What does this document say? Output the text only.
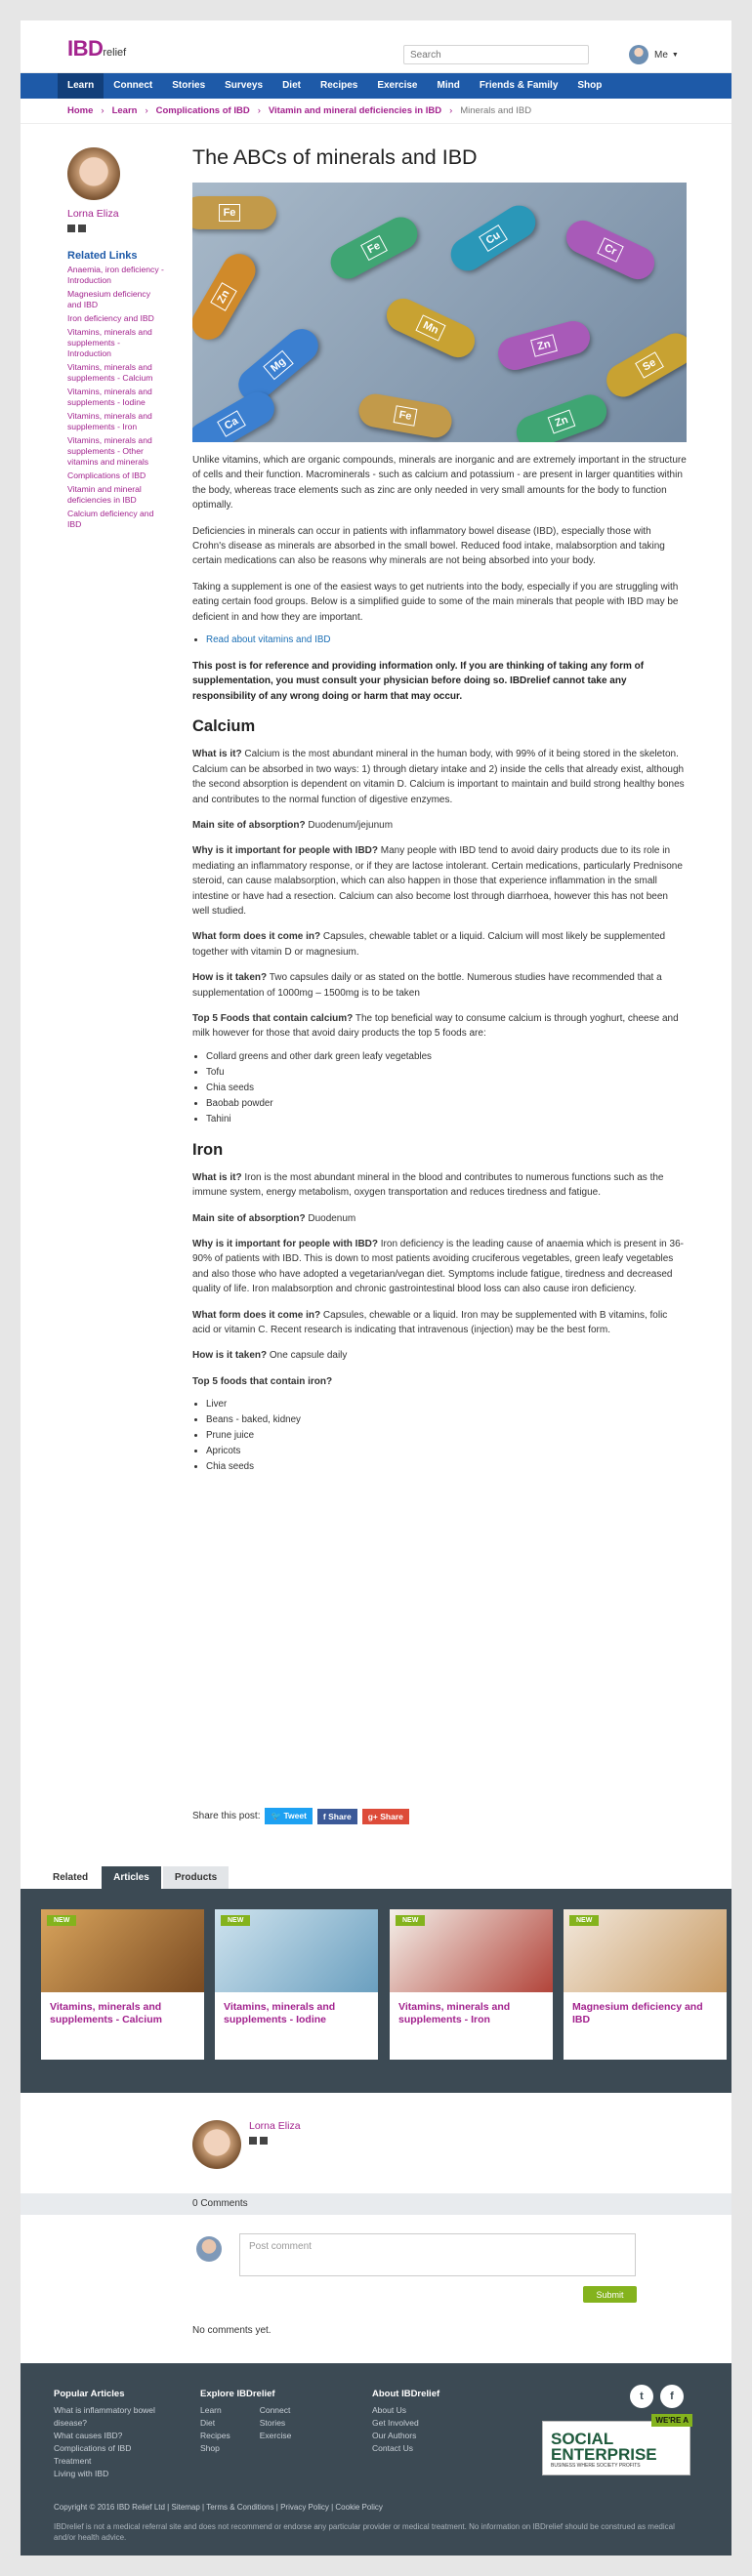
IBDrelief
Search	Me ▼
Learn	Connect	Stories	Surveys	Diet	Recipes	Exercise	Mind	Friends & Family	Shop
Home › Learn › Complications of IBD › Vitamin and mineral deficiencies in IBD › Minerals and IBD
Lorna Eliza
Related Links
Anaemia, iron deficiency - Introduction
Magnesium deficiency and IBD
Iron deficiency and IBD
Vitamins, minerals and supplements - Introduction
Vitamins, minerals and supplements - Calcium
Vitamins, minerals and supplements - Iodine
Vitamins, minerals and supplements - Iron
Vitamins, minerals and supplements - Other vitamins and minerals
Complications of IBD
Vitamin and mineral deficiencies in IBD
Calcium deficiency and IBD
The ABCs of minerals and IBD
Fe
Fe
Cu
Cr
Zn
Mn
Mg
Zn
Se
Ca	Fe	Zn

Unlike vitamins, which are organic compounds, minerals are inorganic and are extremely important in the structure of cells and their function. Macrominerals - such as calcium and potassium - are present in larger quantities within the body, whereas trace elements such as zinc are only needed in very small amounts for the body to function optimally.

Deficiencies in minerals can occur in patients with inflammatory bowel disease (IBD), especially those with Crohn's disease as minerals are absorbed in the small bowel. Reduced food intake, malabsorption and taking certain medications can also be reasons why minerals are not being absorbed into your body.

Taking a supplement is one of the easiest ways to get nutrients into the body, especially if you are struggling with eating certain food groups. Below is a simplified guide to some of the main minerals that people with IBD may be deficient in and how they are important.

• Read about vitamins and IBD

This post is for reference and providing information only. If you are thinking of taking any form of supplementation, you must consult your physician before doing so. IBDrelief cannot take any responsibility of any wrong doing or harm that may occur.

Calcium

What is it? Calcium is the most abundant mineral in the human body, with 99% of it being stored in the skeleton. Calcium can be absorbed in two ways: 1) through dietary intake and 2) inside the cells that already exist, although the second absorption is dependent on vitamin D. Calcium is important to maintain and build strong healthy bones and contributes to the normal function of digestive enzymes.

Main site of absorption? Duodenum/jejunum

Why is it important for people with IBD? Many people with IBD tend to avoid dairy products due to its role in mediating an inflammatory response, or if they are lactose intolerant. Certain medications, particularly Prednisone steroid, can cause malabsorption, which can also happen in those that experience inflammation in the small intestine or have had a resection. Calcium can also become lost through diarrhoea, however this has not been well studied.

What form does it come in? Capsules, chewable tablet or a liquid. Calcium will most likely be supplemented together with vitamin D or magnesium.

How is it taken? Two capsules daily or as stated on the bottle. Numerous studies have recommended that a supplementation of 1000mg – 1500mg is to be taken

Top 5 Foods that contain calcium? The top beneficial way to consume calcium is through yoghurt, cheese and milk however for those that avoid dairy products the top 5 foods are:

• Collard greens and other dark green leafy vegetables
• Tofu
• Chia seeds
• Baobab powder
• Tahini
Iron

What is it? Iron is the most abundant mineral in the blood and contributes to numerous functions such as the immune system, energy metabolism, oxygen transportation and reduces tiredness and fatigue.

Main site of absorption? Duodenum

Why is it important for people with IBD? Iron deficiency is the leading cause of anaemia which is present in 36-90% of patients with IBD. This is down to most patients avoiding cruciferous vegetables, green leafy vegetables and also those who have adopted a vegetarian/vegan diet. Symptoms include fatigue, tiredness and decreased quality of life. Iron malabsorption and chronic gastrointestinal blood loss can also cause iron deficiency.

What form does it come in? Capsules, chewable or a liquid. Iron may be supplemented with B vitamins, folic acid or vitamin C. Recent research is indicating that intravenous (injection) may be the best form.

How is it taken? One capsule daily

Top 5 foods that contain iron?

• Liver
• Beans - baked, kidney
• Prune juice
• Apricots
• Chia seeds
Share this post:	🐦 Tweet	f Share	g+ Share
Related	Articles	Products
NEW
Vitamins, minerals and supplements - Calcium
NEW
Vitamins, minerals and supplements - Iodine
NEW
Vitamins, minerals and supplements - Iron
NEW
Magnesium deficiency and IBD
Lorna Eliza
0 Comments
Post comment
Submit
No comments yet.
Popular Articles
What is inflammatory bowel disease?
What causes IBD?
Complications of IBD
Treatment
Living with IBD
Explore IBDrelief
Learn
Diet
Recipes
Shop
Connect
Stories
Exercise
About IBDrelief
About Us
Get Involved
Our Authors
Contact Us
t	f
WE'RE A
SOCIAL ENTERPRISE
BUSINESS WHERE SOCIETY PROFITS
Copyright © 2016 IBD Relief Ltd | Sitemap | Terms & Conditions | Privacy Policy | Cookie Policy
IBDrelief is not a medical referral site and does not recommend or endorse any particular provider or medical treatment. No information on IBDrelief should be construed as medical and/or health advice.
